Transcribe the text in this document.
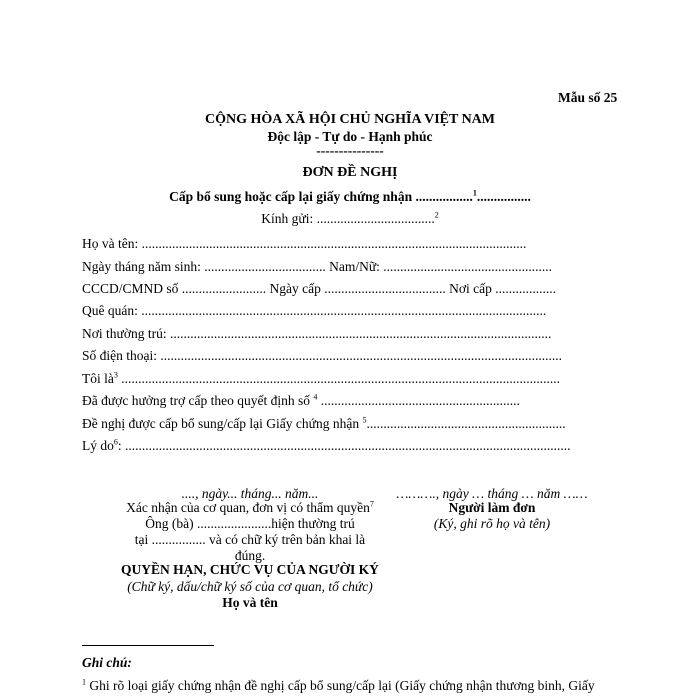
Mẫu số 25
CỘNG HÒA XÃ HỘI CHỦ NGHĨA VIỆT NAM
Độc lập - Tự do - Hạnh phúc
---------------
ĐƠN ĐỀ NGHỊ
Cấp bổ sung hoặc cấp lại giấy chứng nhận .................$^1$................
Kính gửi: ...................................$^2$
Họ và tên: ..................................................................................................................
Ngày tháng năm sinh: .................................... Nam/Nữ: ..................................................
CCCD/CMND số ......................... Ngày cấp .................................... Nơi cấp ..................
Quê quán: ........................................................................................................................
Nơi thường trú: .................................................................................................................
Số điện thoại: .......................................................................................................................
Tôi $là^3$ ..................................................................................................................................
Đã được hưởng trợ cấp theo quyết định số $^4$ ...........................................................
Đề nghị được cấp bổ sung/cấp lại Giấy chứng nhận $^5$...........................................................
Lý $do^6$: ....................................................................................................................................
...., ngày... tháng... năm...
Xác nhận của cơ quan, đơn vị có thẩm quyền$^7$
Ông (bà) ......................hiện thường trú
tại ................ và có chữ ký trên bản khai là
đúng.
QUYỀN HẠN, CHỨC VỤ CỦA NGƯỜI KÝ
(Chữ ký, dấu/chữ ký số của cơ quan, tổ chức)
Họ và tên
………., ngày … tháng … năm ……
Người làm đơn
(Ký, ghi rõ họ và tên)
Ghi chú:
$^1$ Ghi rõ loại giấy chứng nhận đề nghị cấp bổ sung/cấp lại (Giấy chứng nhận thương binh, Giấy
